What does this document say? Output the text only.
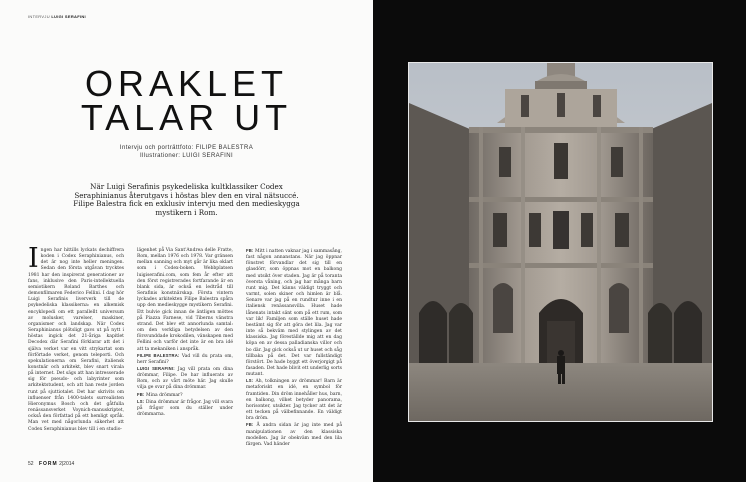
INTERVJU LUIGI SERAFINI
ORAKLET
TALAR UT
Intervju och porträttfoto: FILIPE BALESTRA
Illustrationer: LUIGI SERAFINI
När Luigi Serafinis psykedeliska kultklassiker Codex Seraphinianus återutgavs i höstas blev den en viral nätsuccé. Filipe Balestra fick en exklusiv intervju med den medieskygga mystikern i Rom.

Ingen har hittills lyckats dechiffrera koden i Codex Seraphinianus, och det är nog inte heller meningen. Sedan den första utgåvan trycktes 1981 har den inspirerat generationer av fans, inklusive den Paris-intellektuella semiotikern Roland Barthes och demonfilmaren Federico Fellini. I dag hör Luigi Serafinis liververk till de psykedeliska klassikerna: en alkemisk encyklopedi om ett parallellt universum av molusker, varelser, maskiner, organismer och landskap. När Codex Seraphinianus plötsligt gavs ut på nytt i höstas ingick det 21-åriga kapitlet Decodex där Serafini förklarar att det i själva verket var en vitt strykartat som förförtade verket, genom teleporti. Och spekulationerna om Serafini, italiensk konstnär och arkitekt, blev snart virala på internet. Det sägs att han intresserade sig för pseudo- och labyrinter som arkitektstudent, och att han reste jorden runt på sjuttiotalet. Det har skrivits om influenser från 1400-talets surrealisten Hieronymus Bosch och det gåtfulla renässansverket Voynich-manuskriptet, också den författad på ett hemligt språk. Man vet med någorlunda säkerhet att Codex Seraphinianus blev till i en studio-

lägenhet på Via Sant'Andrea delle Fratte, Rom, mellan 1976 och 1978. Var gränsen mellan sanning och myt går är lika oklart som i Codex-boken. Webbplatsen luigiserafini.com, som fem år efter att den först registrerades fortfarande är en blank sida, är också en ledtråd till Serafinis konstnärskap. Första vintern lyckades arkitekten Filipe Balestra spåra upp den medieskygge mystikern Serafini. Ett bulvie gick innan de äntligen möttes på Piazza Farnese, vid Tiberns vänstra strand. Det blev ett annorlunda samtal: om den verkliga betydelsen av den försvunddade krokodilen, vänskapen med Fellini och varför det inte är en bra idé att ta mekaniken i anspråk.

FILIPE BALESTRA: Vad vill du prata om, herr Serafini?

LUIGI SERAFINI: Jag vill prata om dina drömmar, Filipe. De har influerats av Rom, och av vårt möte här. Jag skulle vilja ge svar på dina drömmar.

FB: Mina drömmar?

LS: Dina drömmar är frågor. Jag vill svara på frågor som du ställer under drömmarna.

FB: Mitt i natten vaknar jag i sammasång, fast någon annanstans. När jag öppnar fönstret förvandlar det sig till en glasdörr, som öppnas mot en balkong med utsikt över staden. Jag är på toranta översta våning, och jag har många barn runt mig. Det känns väldigt tryggt och varmt, solen skiner och himlen är blå. Senare var jag på en rundtur inne i en italiensk renässansvilla. Huset hade lånenats intakt sänt som på ett rum, som var lik! Familjen som ställe huset hade bestämt sig för att göra det lila. Jag var inte så bekväm med stylingen av det klassiska. Jag föreställde mig att en dag köpa en av dessa palladianska villor och bo där. Jag gick också ut ur huset och såg tillbaka på det. Det var fullständigt förstört. De hade byggt ett överjorgigt på fasaden. Det hade blivit ett underlig sorts mutant.

LS: Ah, tolkningen av drömmar! Barn är metaforiskt en idé, en symbol för framtiden. Din dröm innehåller hus, barn, en balkong, vilket betyder panorama, horisonter, utsikter. Jag tycker att det är ett tecken på välbefinnande. En väldigt bra dröm.

FB: Å andra sidan är jag inte med på manipulationen av den klassiska modellen. Jag är obekväm med den lila färgen. Vad händer

52 FORM 2|2014
